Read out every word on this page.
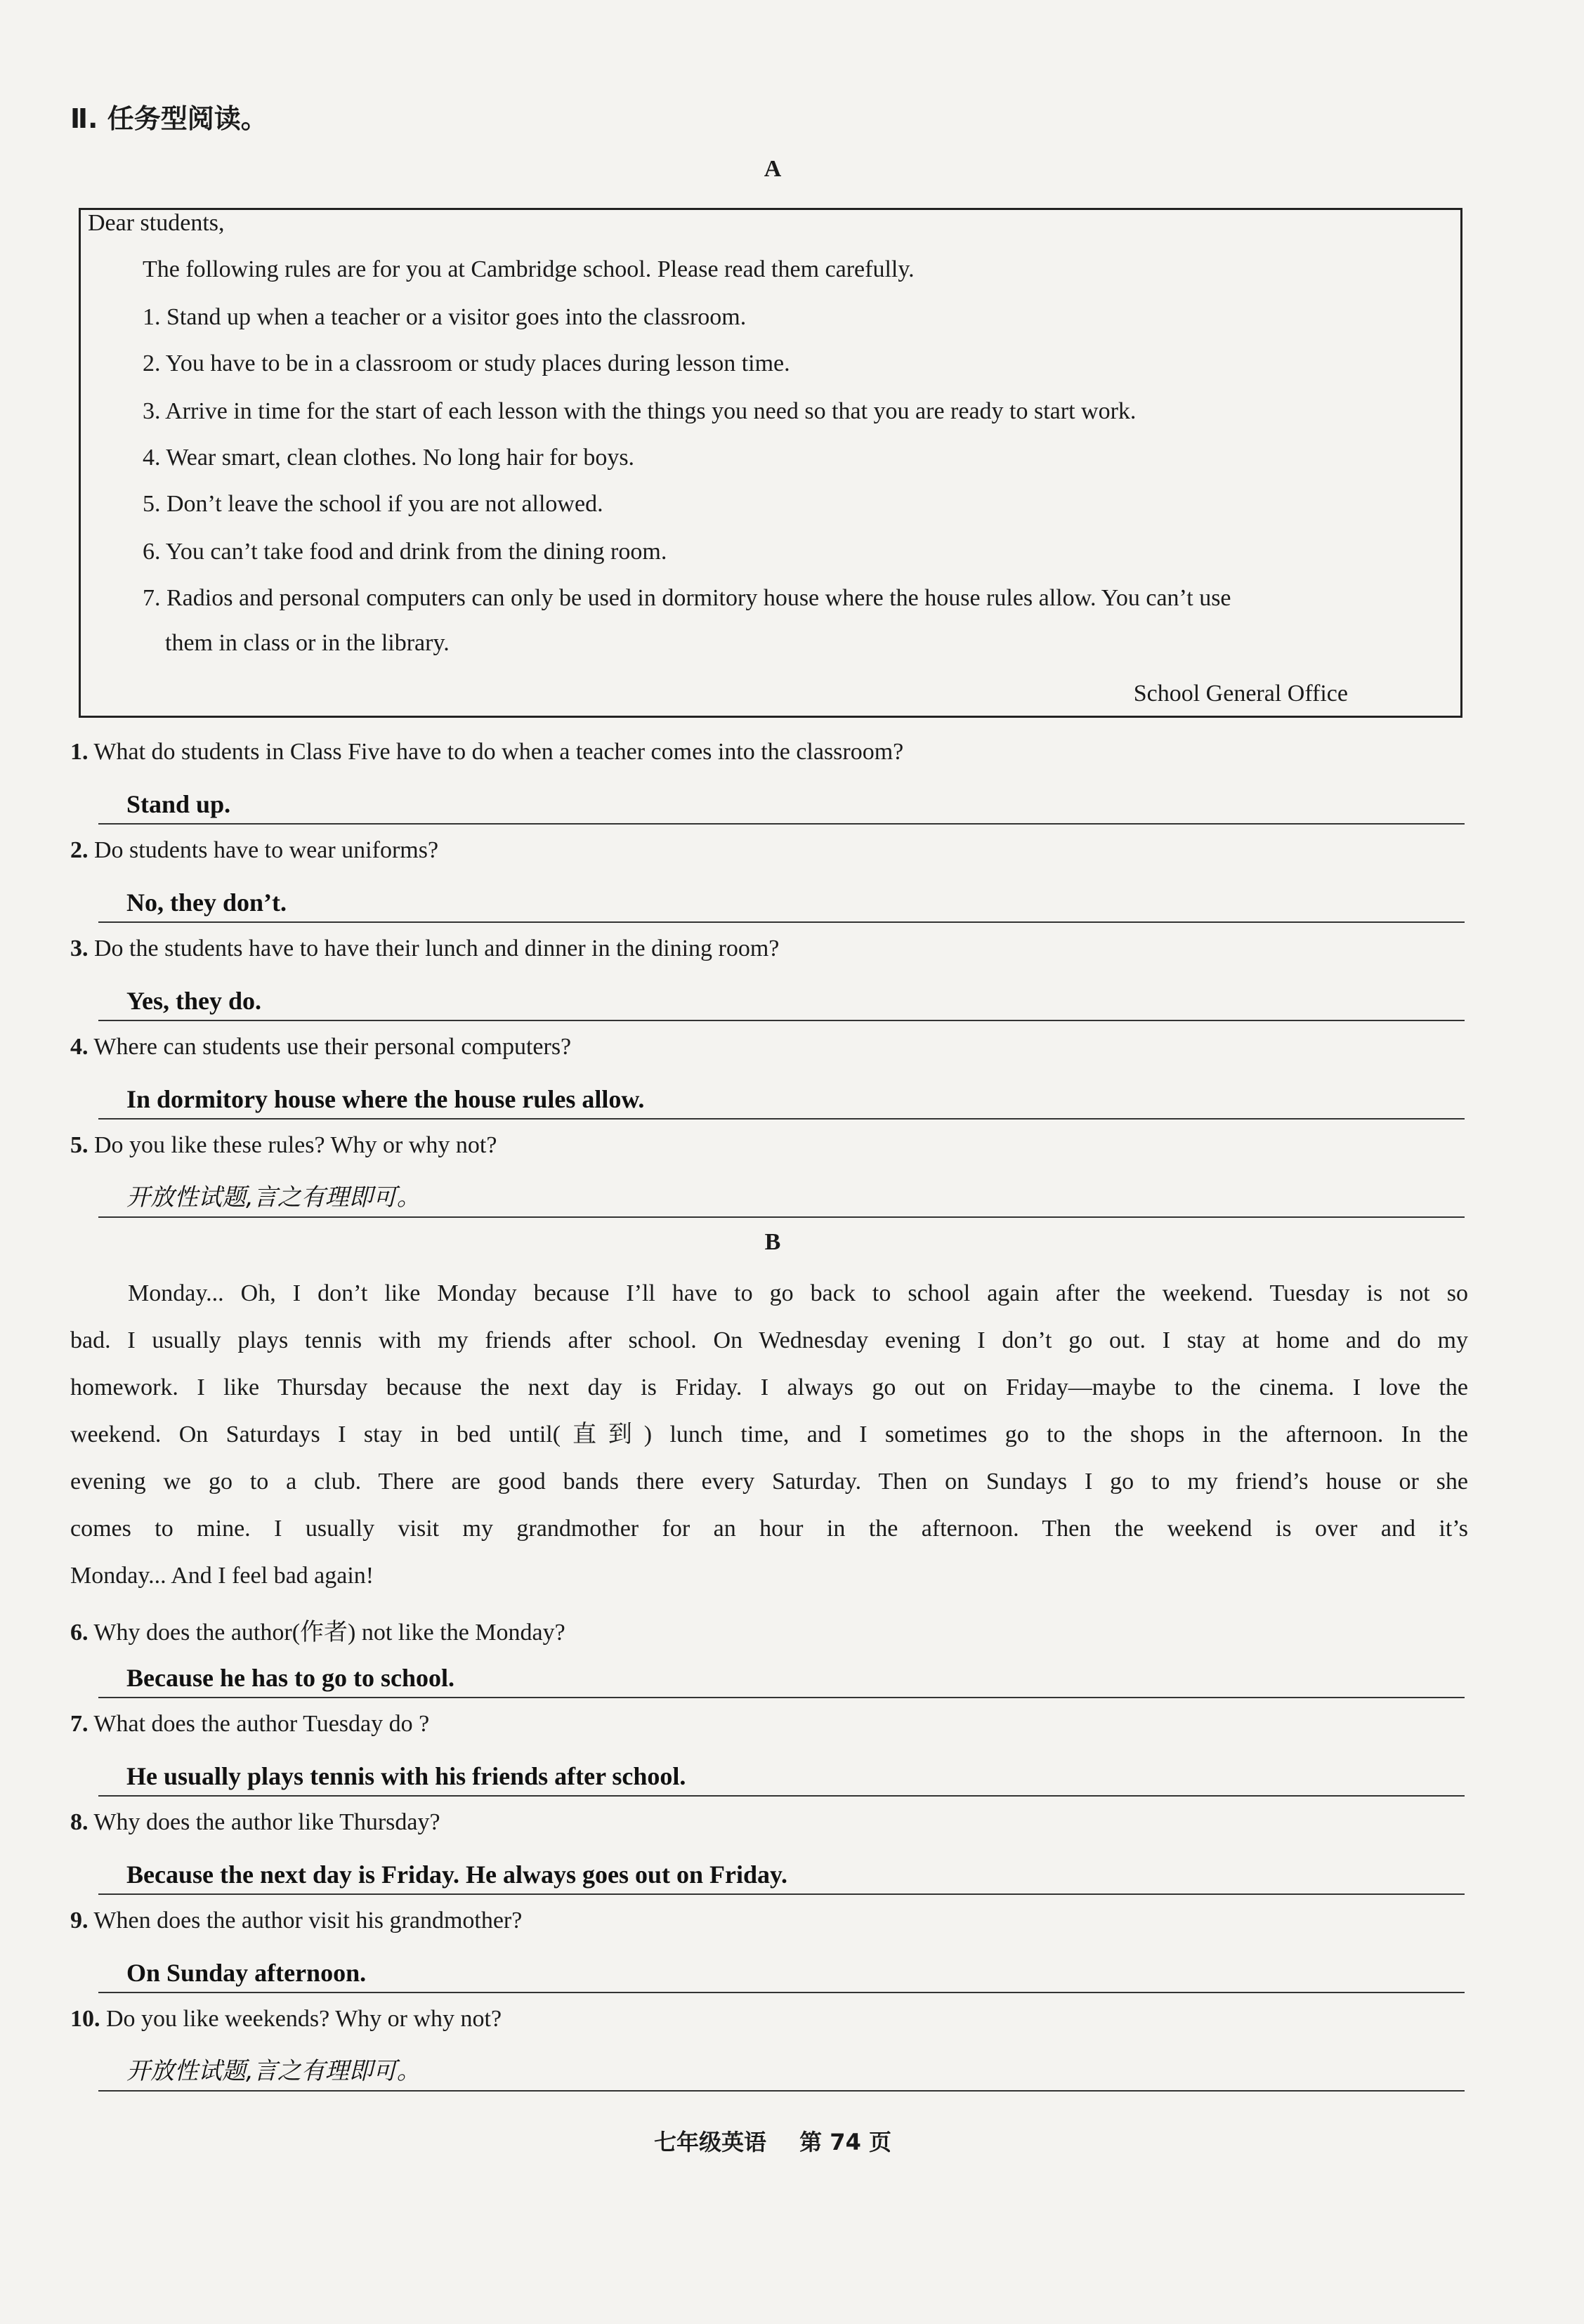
Ⅱ. 任务型阅读。
A
Dear students,
The following rules are for you at Cambridge school. Please read them carefully.
1. Stand up when a teacher or a visitor goes into the classroom.
2. You have to be in a classroom or study places during lesson time.
3. Arrive in time for the start of each lesson with the things you need so that you are ready to start work.
4. Wear smart, clean clothes. No long hair for boys.
5. Don’t leave the school if you are not allowed.
6. You can’t take food and drink from the dining room.
7. Radios and personal computers can only be used in dormitory house where the house rules allow. You can’t use
them in class or in the library.
School General Office
1. What do students in Class Five have to do when a teacher comes into the classroom?
Stand up.
2. Do students have to wear uniforms?
No, they don’t.
3. Do the students have to have their lunch and dinner in the dining room?
Yes, they do.
4. Where can students use their personal computers?
In dormitory house where the house rules allow.
5. Do you like these rules? Why or why not?
开放性试题,言之有理即可。
B
Monday... Oh, I don’t like Monday because I’ll have to go back to school again after the weekend. Tuesday is not so
bad. I usually plays tennis with my friends after school. On Wednesday evening I don’t go out. I stay at home and do my
homework. I like Thursday because the next day is Friday. I always go out on Friday—maybe to the cinema. I love the
weekend. On Saturdays I stay in bed until(直到) lunch time, and I sometimes go to the shops in the afternoon. In the
evening we go to a club. There are good bands there every Saturday. Then on Sundays I go to my friend’s house or she
comes to mine. I usually visit my grandmother for an hour in the afternoon. Then the weekend is over and it’s
Monday... And I feel bad again!
6. Why does the author(作者) not like the Monday?
Because he has to go to school.
7. What does the author Tuesday do ?
He usually plays tennis with his friends after school.
8. Why does the author like Thursday?
Because the next day is Friday. He always goes out on Friday.
9. When does the author visit his grandmother?
On Sunday afternoon.
10. Do you like weekends? Why or why not?
开放性试题,言之有理即可。
七年级英语 第 74 页
